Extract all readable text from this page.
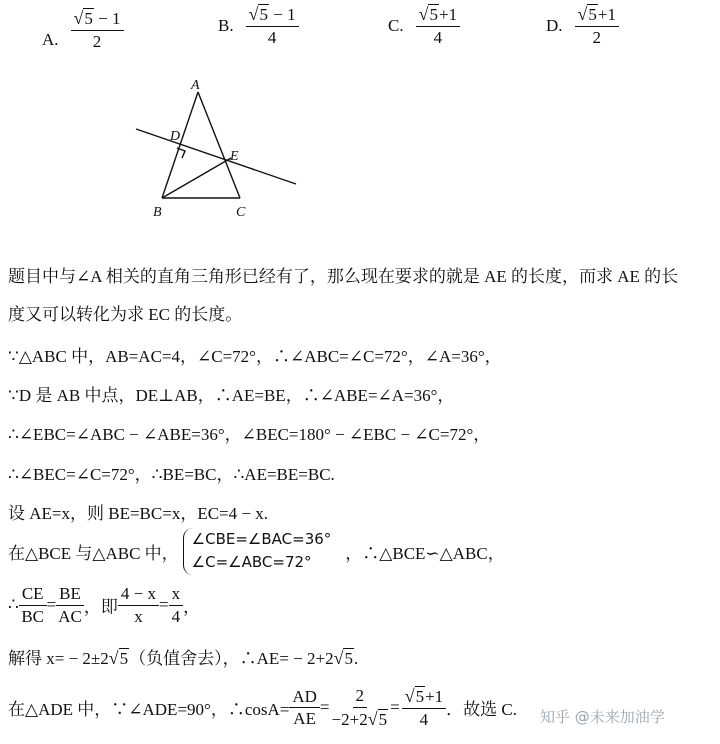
A. $\frac{√5 - 1}{2}$	B. $\frac{√5 - 1}{4}$	C. $\frac{√5+1}{4}$	D. $\frac{√5+1}{2}$
A
B	C
D
E
题目中与∠A 相关的直角三角形已经有了，那么现在要求的就是 AE 的长度，而求 AE 的长
度又可以转化为求 EC 的长度。
∵△ABC 中，AB=AC=4，∠C=72°，∴∠ABC=∠C=72°，∠A=36°，
∵D 是 AB 中点，DE⊥AB，∴AE=BE，∴∠ABE=∠A=36°，
∴∠EBC=∠ABC − ∠ABE=36°，∠BEC=180° − ∠EBC − ∠C=72°，
∴∠BEC=∠C=72°，∴BE=BC，∴AE=BE=BC.
设 AE=x，则 BE=BC=x，EC=4 − x.
在△BCE 与△ABC 中，
∠CBE=∠BAC=36°
∠C=∠ABC=72°	，∴△BCE∽△ABC，
∴ $\frac{CE}{BC} = \frac{BE}{AC}$ ，即 $\frac{4 - x}{x} = \frac{x}{4}$ ，
解得 x= − 2±2√5（负值舍去），∴AE= − 2+2√5.
在△ADE 中，∵∠ADE=90°，∴cosA= $\frac{AD}{AE} = \frac{2}{-2+2√5} = \frac{√5+1}{4}$ ．故选 C. 知乎 @未来加油学
